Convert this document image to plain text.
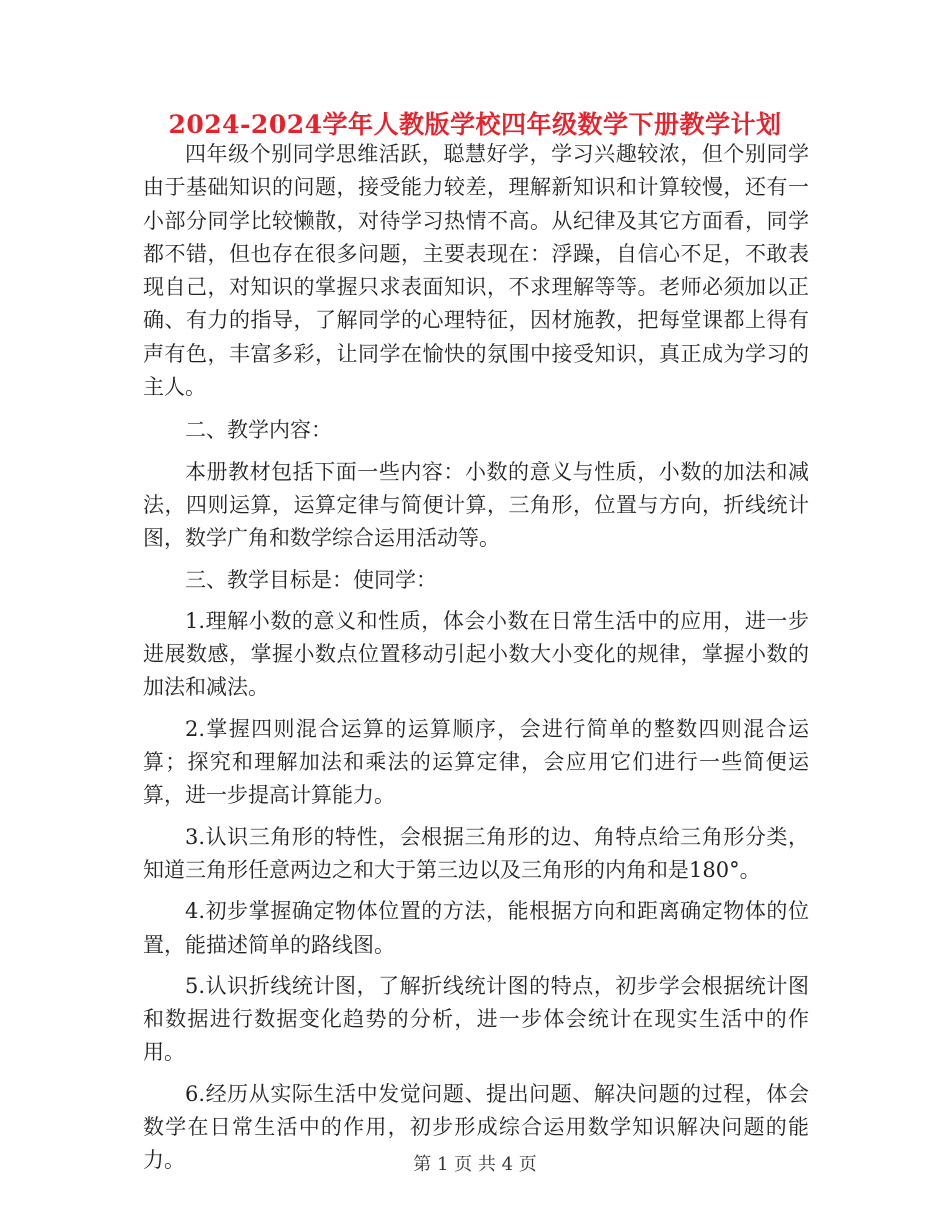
2024-2024学年人教版学校四年级数学下册教学计划

四年级个别同学思维活跃，聪慧好学，学习兴趣较浓，但个别同学由于基础知识的问题，接受能力较差，理解新知识和计算较慢，还有一小部分同学比较懒散，对待学习热情不高。从纪律及其它方面看，同学都不错，但也存在很多问题，主要表现在：浮躁，自信心不足，不敢表现自己，对知识的掌握只求表面知识，不求理解等等。老师必须加以正确、有力的指导，了解同学的心理特征，因材施教，把每堂课都上得有声有色，丰富多彩，让同学在愉快的氛围中接受知识，真正成为学习的主人。

二、教学内容：

本册教材包括下面一些内容：小数的意义与性质，小数的加法和减法，四则运算，运算定律与简便计算，三角形，位置与方向，折线统计图，数学广角和数学综合运用活动等。

三、教学目标是：使同学：

1.理解小数的意义和性质，体会小数在日常生活中的应用，进一步进展数感，掌握小数点位置移动引起小数大小变化的规律，掌握小数的加法和减法。

2.掌握四则混合运算的运算顺序，会进行简单的整数四则混合运算；探究和理解加法和乘法的运算定律，会应用它们进行一些简便运算，进一步提高计算能力。

3.认识三角形的特性，会根据三角形的边、角特点给三角形分类，知道三角形任意两边之和大于第三边以及三角形的内角和是180°。

4.初步掌握确定物体位置的方法，能根据方向和距离确定物体的位置，能描述简单的路线图。

5.认识折线统计图，了解折线统计图的特点，初步学会根据统计图和数据进行数据变化趋势的分析，进一步体会统计在现实生活中的作用。

6.经历从实际生活中发觉问题、提出问题、解决问题的过程，体会数学在日常生活中的作用，初步形成综合运用数学知识解决问题的能力。	第 1 页 共 4 页
